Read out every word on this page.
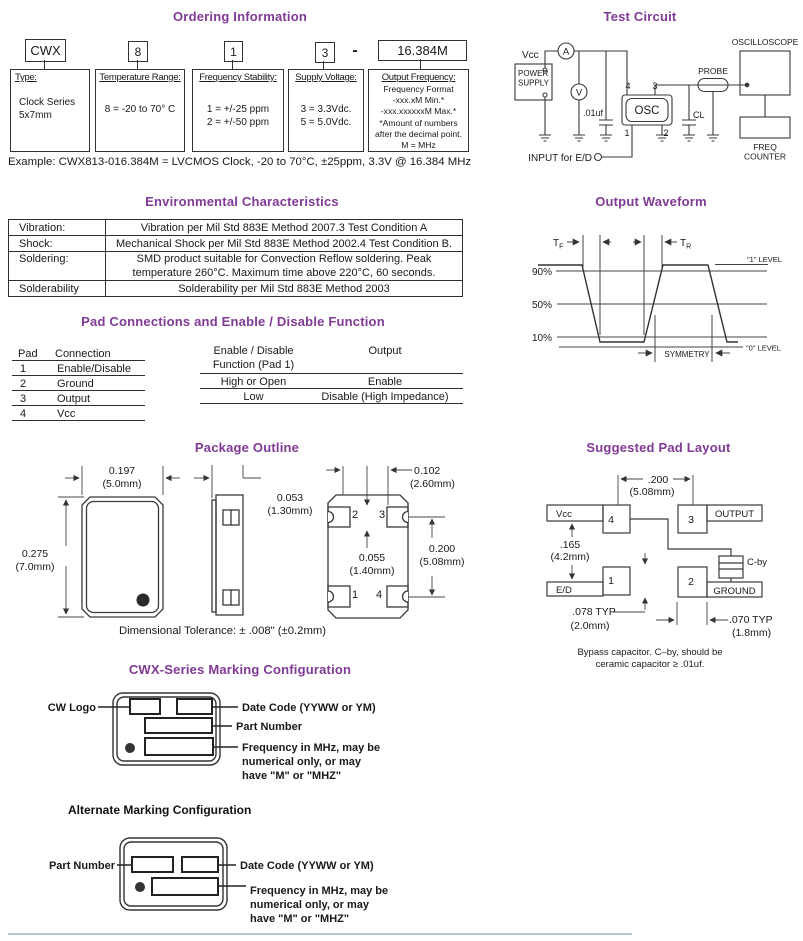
Ordering Information
CWX	8	1	3	-	16.384M
Type:
Clock Series
5x7mm
Temperature Range:
8 = -20 to 70° C
Frequency Stability:
1 = +/-25 ppm
2 = +/-50 ppm
Supply Voltage:
3 = 3.3Vdc.
5 = 5.0Vdc.
Output Frequency:
Frequency Format
-xxx.xM Min.*
-xxx.xxxxxxM Max.*
*Amount of numbers
after the decimal point.
M = MHz
Example: CWX813-016.384M = LVCMOS Clock, -20 to 70°C, ±25ppm, 3.3V @ 16.384 MHz
Test Circuit
Vcc	A
V
POWER
SUPPLY
.01uf	OSC
4 3
1	2
CL
PROBE
OSCILLOSCOPE
FREQ
COUNTER
INPUT for E/D
Environmental Characteristics
Vibration:	Vibration per Mil Std 883E Method 2007.3 Test Condition A
Shock:	Mechanical Shock per Mil Std 883E Method 2002.4 Test Condition B.
Soldering:	SMD product suitable for Convection Reflow soldering. Peak temperature 260°C. Maximum time above 220°C, 60 seconds.
Solderability	Solderability per Mil Std 883E Method 2003
Output Waveform
$T_F$	$T_R$
90%
50%
10%
"1" LEVEL
"0" LEVEL
SYMMETRY
Pad Connections and Enable / Disable Function
Pad	Connection
1	Enable/Disable
2	Ground
3	Output
4	Vcc
Enable / Disable
Function (Pad 1)
Output
High or Open	Enable
Low	Disable (High Impedance)
Package Outline
0.197
(5.0mm)
0.275
(7.0mm)
0.053
(1.30mm)
0.102
(2.60mm)
0.055
(1.40mm)
0.200
(5.08mm)
2 3
1 4
Dimensional Tolerance: ± .008" (±0.2mm)
Suggested Pad Layout
.200
(5.08mm)
Vcc	4	3 OUTPUT
.165
(4.2mm)
1
E/D
2
GROUND
C-by
.078 TYP
(2.0mm)	.070 TYP
(1.8mm)
Bypass capacitor. C–by, should be
ceramic capacitor ≥ .01uf.
CWX-Series Marking Configuration
CW Logo	Date Code (YYWW or YM)
Part Number
Frequency in MHz, may be
numerical only, or may
have "M" or "MHZ"
Alternate Marking Configuration
Part Number	Date Code (YYWW or YM)
Frequency in MHz, may be
numerical only, or may
have "M" or "MHZ"
